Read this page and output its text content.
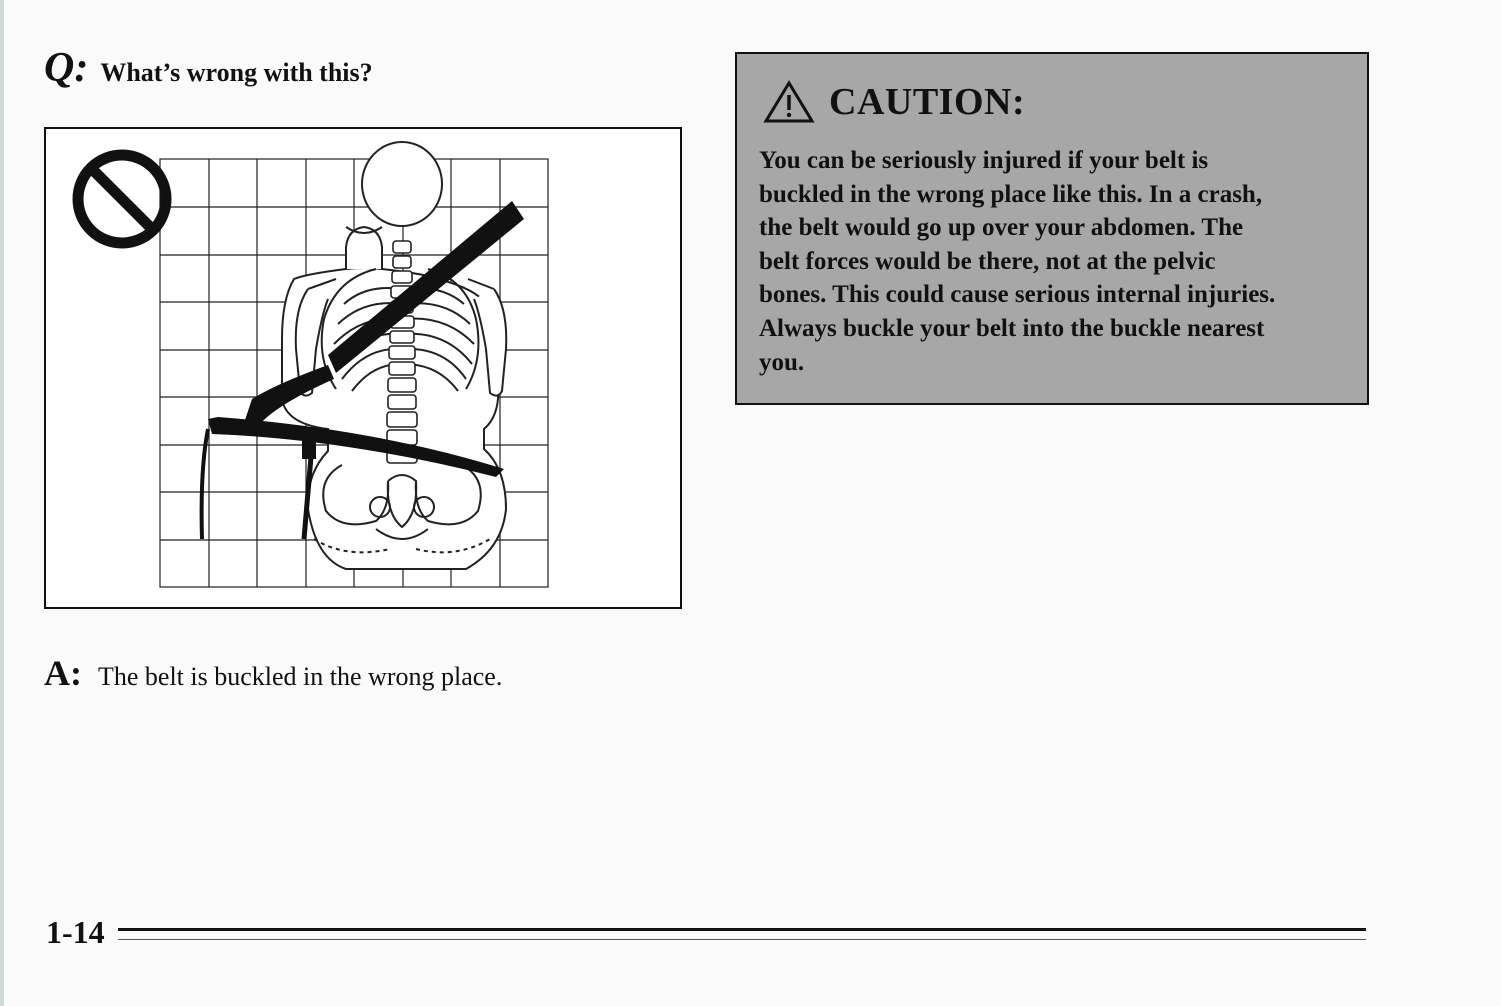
Q: What’s wrong with this?
A: The belt is buckled in the wrong place.
CAUTION:
You can be seriously injured if your belt is
buckled in the wrong place like this. In a crash,
the belt would go up over your abdomen. The
belt forces would be there, not at the pelvic
bones. This could cause serious internal injuries.
Always buckle your belt into the buckle nearest
you.
1-14
